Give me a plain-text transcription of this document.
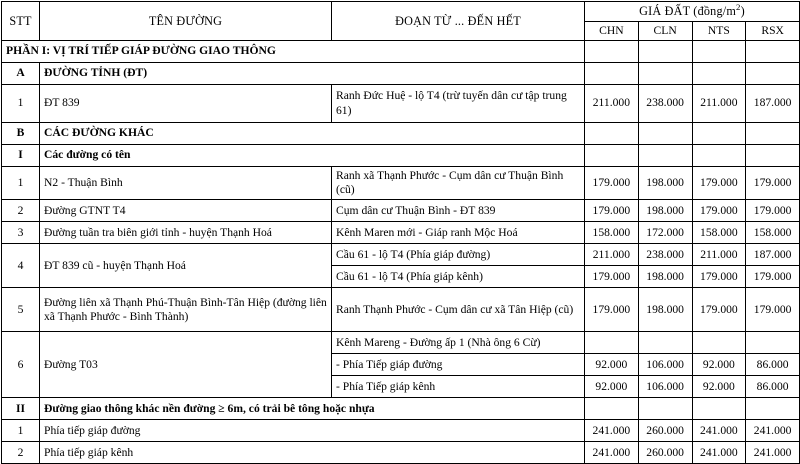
STT	TÊN ĐƯỜNG	ĐOẠN TỪ ... ĐẾN HẾT	GIÁ ĐẤT $(đồng/m^2)$			
			CHN	CLN	NTS	RSX
PHẦN I: VỊ TRÍ TIẾP GIÁP ĐƯỜNG GIAO THÔNG						
A	ĐƯỜNG TỈNH (ĐT)					
1	ĐT 839	Ranh Đức Huệ - lộ T4 (trừ tuyến dân cư tập trung 61)	211.000	238.000	211.000	187.000
B	CÁC ĐƯỜNG KHÁC					
I	Các đường có tên					
1	N2 - Thuận Bình	Ranh xã Thạnh Phước - Cụm dân cư Thuận Bình (cũ)	179.000	198.000	179.000	179.000
2	Đường GTNT T4	Cụm dân cư Thuận Bình - ĐT 839	179.000	198.000	179.000	179.000
3	Đường tuần tra biên giới tỉnh - huyện Thạnh Hoá	Kênh Maren mới - Giáp ranh Mộc Hoá	158.000	172.000	158.000	158.000
4	ĐT 839 cũ - huyện Thạnh Hoá	Cầu 61 - lộ T4 (Phía giáp đường)	211.000	238.000	211.000	187.000
		Cầu 61 - lộ T4 (Phía giáp kênh)	179.000	198.000	179.000	179.000
5	Đường liên xã Thạnh Phú-Thuận Bình-Tân Hiệp (đường liên xã Thạnh Phước - Bình Thành)	Ranh Thạnh Phước - Cụm dân cư xã Tân Hiệp (cũ)	179.000	198.000	179.000	179.000
6	Đường T03	Kênh Mareng - Đường ấp 1 (Nhà ông 6 Cừ)				
		- Phía Tiếp giáp đường	92.000	106.000	92.000	86.000
		- Phía Tiếp giáp kênh	92.000	106.000	92.000	86.000
II	Đường giao thông khác nền đường ≥ 6m, có trải bê tông hoặc nhựa					
1	Phía tiếp giáp đường		241.000	260.000	241.000	241.000
2	Phía tiếp giáp kênh		241.000	260.000	241.000	241.000
